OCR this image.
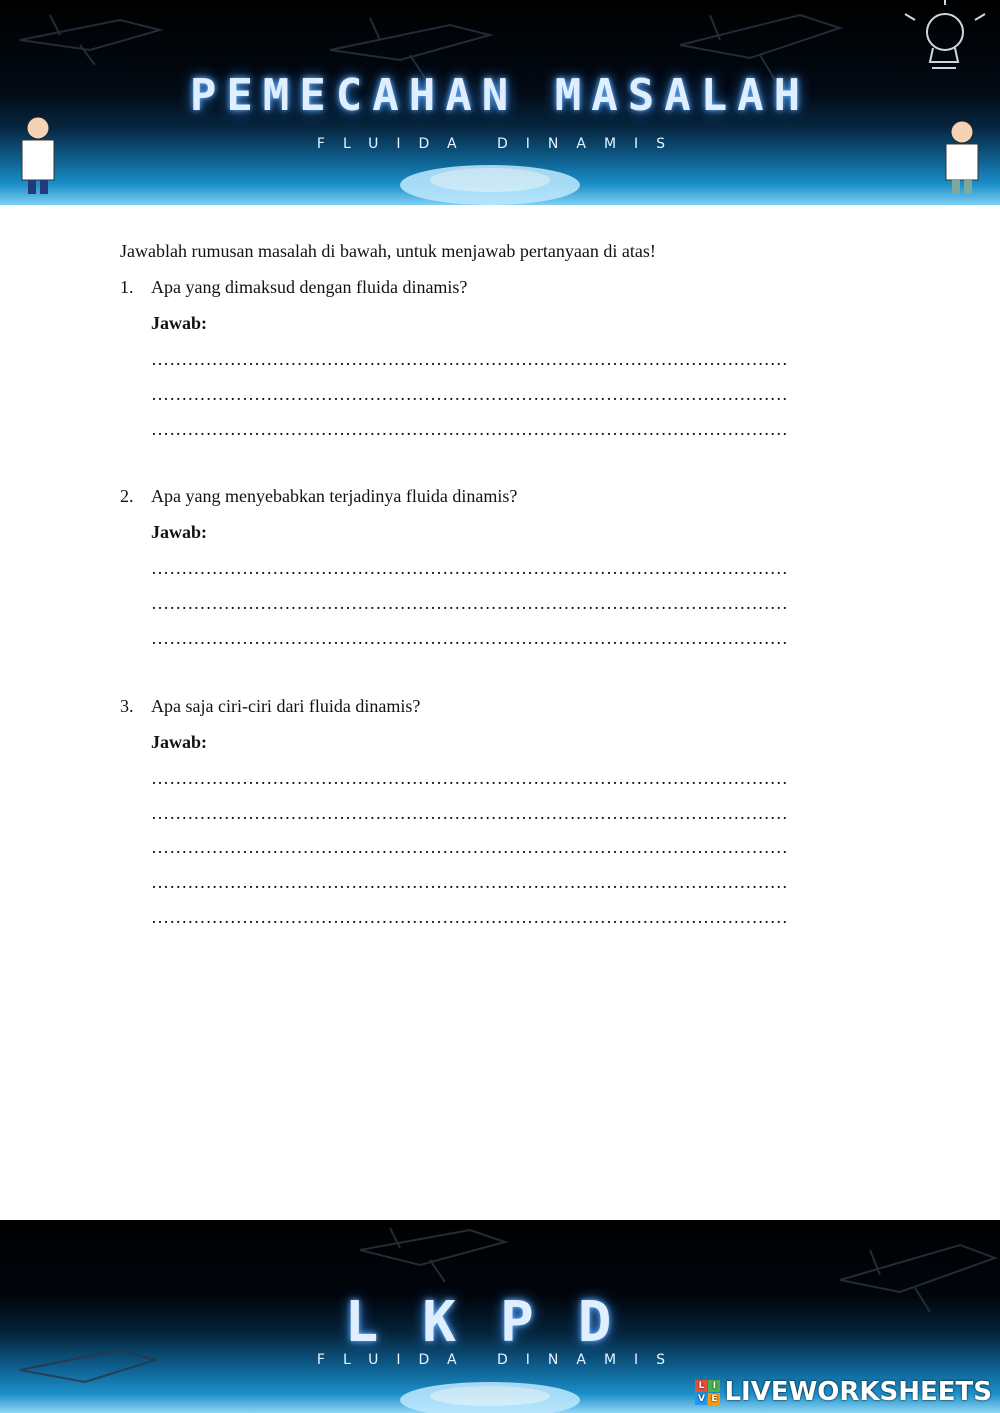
PEMECAHAN MASALAH
FLUIDA DINAMIS

Jawablah rumusan masalah di bawah, untuk menjawab pertanyaan di atas!

1. Apa yang dimaksud dengan fluida dinamis?
Jawab:
……………………………………………………………………………………………
……………………………………………………………………………………………
……………………………………………………………………………………………
2. Apa yang menyebabkan terjadinya fluida dinamis?
Jawab:
……………………………………………………………………………………………
……………………………………………………………………………………………
……………………………………………………………………………………………
3. Apa saja ciri-ciri dari fluida dinamis?
Jawab:
……………………………………………………………………………………………
……………………………………………………………………………………………
……………………………………………………………………………………………
……………………………………………………………………………………………
……………………………………………………………………………………………
LKPD
FLUIDA DINAMIS
L I
V E LIVEWORKSHEETS
